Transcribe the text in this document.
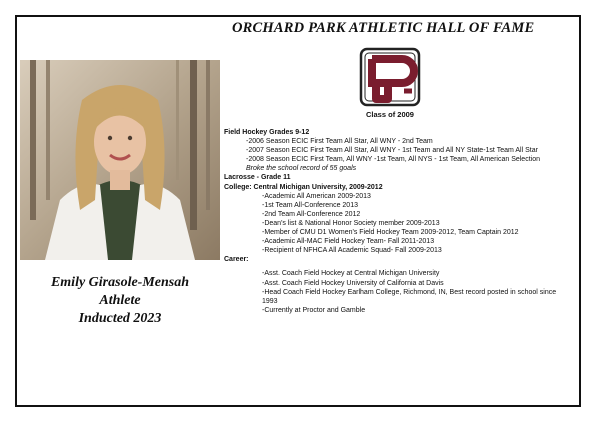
ORCHARD PARK ATHLETIC HALL OF FAME
Class of 2009
Emily Girasole-Mensah
Athlete
Inducted 2023
Field Hockey Grades 9-12
-2006 Season ECIC First Team All Star, All WNY - 2nd Team
-2007 Season ECIC First Team All Star, All WNY - 1st Team and All NY State-1st Team All Star
-2008 Season ECIC First Team, All WNY -1st Team, All NYS - 1st Team, All American Selection
Broke the school record of 55 goals
Lacrosse - Grade 11
College: Central Michigan University, 2009-2012
-Academic All American 2009-2013
-1st Team All-Conference 2013
-2nd Team All-Conference 2012
-Dean's list & National Honor Society member 2009-2013
-Member of CMU D1 Women's Field Hockey Team 2009-2012, Team Captain 2012
-Academic All-MAC Field Hockey Team- Fall 2011-2013
-Recipient of NFHCA All Academic Squad- Fall 2009-2013
Career:
-Asst. Coach Field Hockey at Central Michigan University
-Asst. Coach Field Hockey University of California at Davis
-Head Coach Field Hockey Earlham College, Richmond, IN, Best record posted in school since 1993
-Currently at Proctor and Gamble
